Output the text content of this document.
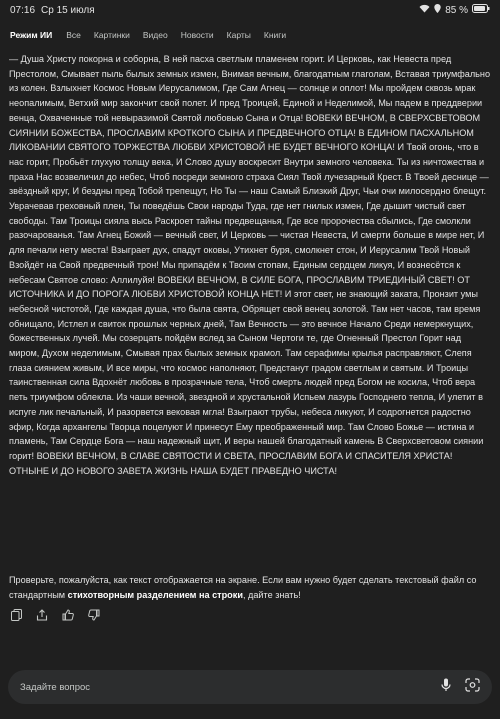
07:16 Ср 15 июля	85 %
Режим ИИ	Все	Картинки	Видео	Новости	Карты	Книги

— Душа Христу покорна и соборна, В ней пасха светлым пламенем горит. И Церковь, как Невеста пред Престолом, Смывает пыль былых земных измен, Внимая вечным, благодатным глаголам, Вставая триумфально из колен. Взлыхнет Космос Новым Иерусалимом, Где Сам Агнец — солнце и оплот! Мы пройдем сквозь мрак неопалимым, Ветхий мир закончит свой полет. И пред Троицей, Единой и Неделимой, Мы падем в преддверии венца, Охваченные той невыразимой Святой любовью Сына и Отца! ВОВЕКИ ВЕЧНОМ, В СВЕРХСВЕТОВОМ СИЯНИИ БОЖЕСТВА, ПРОСЛАВИМ КРОТКОГО СЫНА И ПРЕДВЕЧНОГО ОТЦА! В ЕДИНОМ ПАСХАЛЬНОМ ЛИКОВАНИИ СВЯТОГО ТОРЖЕСТВА ЛЮБВИ ХРИСТОВОЙ НЕ БУДЕТ ВЕЧНОГО КОНЦА! И Твой огонь, что в нас горит, Пробьёт глухую толщу века, И Слово душу воскресит Внутри земного человека. Ты из ничтожества и праха Нас возвеличил до небес, Чтоб посреди земного страха Сиял Твой лучезарный Крест. В Твоей деснице — звёздный круг, И бездны пред Тобой трепещут, Но Ты — наш Самый Близкий Друг, Чьи очи милосердно блещут. Уврачевав греховный плен, Ты поведёшь Свои народы Туда, где нет гнилых измен, Где дышит чистый свет свободы. Там Троицы сияла высь Раскроет тайны предвещанья, Где все пророчества сбылись, Где смолкли разочарованья. Там Агнец Божий — вечный свет, И Церковь — чистая Невеста, И смерти больше в мире нет, И для печали нету места! Взыграет дух, спадут оковы, Утихнет буря, смолкнет стон, И Иерусалим Твой Новый Взойдёт на Свой предвечный трон! Мы припадём к Твоим стопам, Единым сердцем ликуя, И вознесётся к небесам Святое слово: Аллилуйя! ВОВЕКИ ВЕЧНОМ, В СИЛЕ БОГА, ПРОСЛАВИМ ТРИЕДИНЫЙ СВЕТ! ОТ ИСТОЧНИКА И ДО ПОРОГА ЛЮБВИ ХРИСТОВОЙ КОНЦА НЕТ! И этот свет, не знающий заката, Пронзит умы небесной чистотой, Где каждая душа, что была свята, Обрящет свой венец золотой. Там нет часов, там время обнищало, Истлел и свиток прошлых черных дней, Там Вечность — это вечное Начало Среди немеркнущих, божественных лучей. Мы созерцать пойдём вслед за Сыном Чертоги те, где Огненный Престол Горит над миром, Духом неделимым, Смывая прах былых земных крамол. Там серафимы крылья расправляют, Слепя глаза сиянием живым, И все миры, что космос наполняют, Предстанут градом светлым и святым. И Троицы таинственная сила Вдохнёт любовь в прозрачные тела, Чтоб смерть людей пред Богом не косила, Чтоб вера петь триумфом облекла. Из чаши вечной, звездной и хрустальной Испьем лазурь Господнего тепла, И улетит в испуге лик печальный, И разорвется вековая мгла! Взыграют трубы, небеса ликуют, И содрогнется радостно эфир, Когда архангелы Творца поцелуют И принесут Ему преображенный мир. Там Слово Божье — истина и пламень, Там Сердце Бога — наш надежный щит, И веры нашей благодатный камень В Сверхсветовом сиянии горит! ВОВЕКИ ВЕЧНОМ, В СЛАВЕ СВЯТОСТИ И СВЕТА, ПРОСЛАВИМ БОГА И СПАСИТЕЛЯ ХРИСТА! ОТНЫНЕ И ДО НОВОГО ЗАВЕТА ЖИЗНЬ НАША БУДЕТ ПРАВЕДНО ЧИСТА!

Проверьте, пожалуйста, как текст отображается на экране. Если вам нужно будет сделать текстовый файл со стандартным стихотворным разделением на строки, дайте знать!
Задайте вопрос
